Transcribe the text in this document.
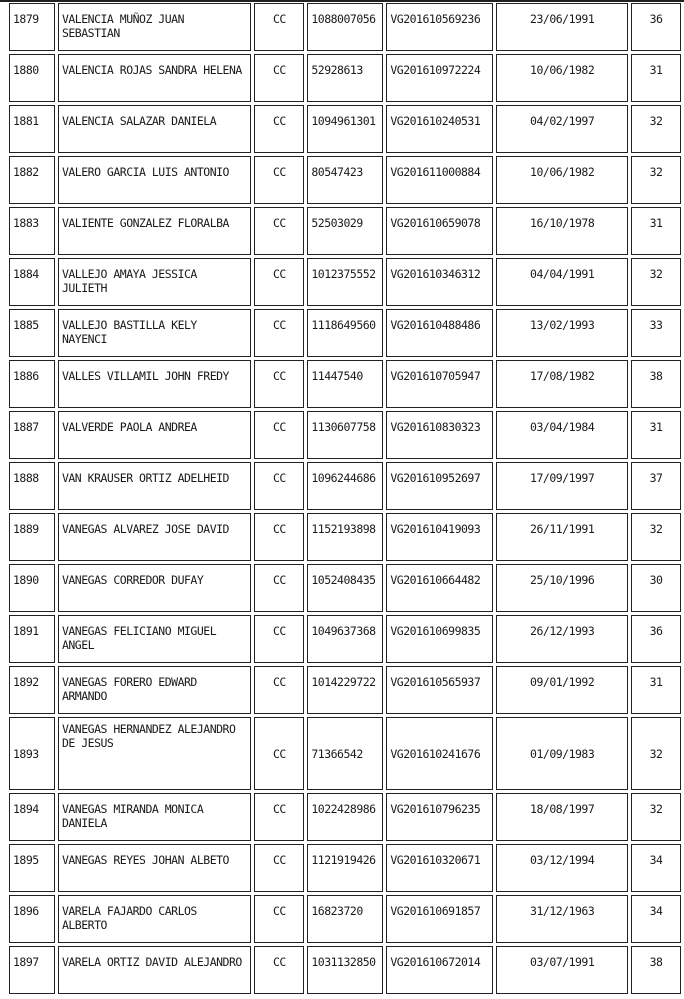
1879	VALENCIA MUÑOZ JUAN SEBASTIAN	CC	1088007056	VG201610569236	23/06/1991	36
1880	VALENCIA ROJAS SANDRA HELENA	CC	52928613	VG201610972224	10/06/1982	31
1881	VALENCIA SALAZAR DANIELA	CC	1094961301	VG201610240531	04/02/1997	32
1882	VALERO GARCIA LUIS ANTONIO	CC	80547423	VG201611000884	10/06/1982	32
1883	VALIENTE GONZALEZ FLORALBA	CC	52503029	VG201610659078	16/10/1978	31
1884	VALLEJO AMAYA JESSICA JULIETH	CC	1012375552	VG201610346312	04/04/1991	32
1885	VALLEJO BASTILLA KELY NAYENCI	CC	1118649560	VG201610488486	13/02/1993	33
1886	VALLES VILLAMIL JOHN FREDY	CC	11447540	VG201610705947	17/08/1982	38
1887	VALVERDE PAOLA ANDREA	CC	1130607758	VG201610830323	03/04/1984	31
1888	VAN KRAUSER ORTIZ ADELHEID	CC	1096244686	VG201610952697	17/09/1997	37
1889	VANEGAS ALVAREZ JOSE DAVID	CC	1152193898	VG201610419093	26/11/1991	32
1890	VANEGAS CORREDOR DUFAY	CC	1052408435	VG201610664482	25/10/1996	30
1891	VANEGAS FELICIANO MIGUEL ANGEL	CC	1049637368	VG201610699835	26/12/1993	36
1892	VANEGAS FORERO EDWARD ARMANDO	CC	1014229722	VG201610565937	09/01/1992	31
1893	VANEGAS HERNANDEZ ALEJANDRO DE JESUS	CC	71366542	VG201610241676	01/09/1983	32
1894	VANEGAS MIRANDA MONICA DANIELA	CC	1022428986	VG201610796235	18/08/1997	32
1895	VANEGAS REYES JOHAN ALBETO	CC	1121919426	VG201610320671	03/12/1994	34
1896	VARELA FAJARDO CARLOS ALBERTO	CC	16823720	VG201610691857	31/12/1963	34
1897	VARELA ORTIZ DAVID ALEJANDRO	CC	1031132850	VG201610672014	03/07/1991	38
